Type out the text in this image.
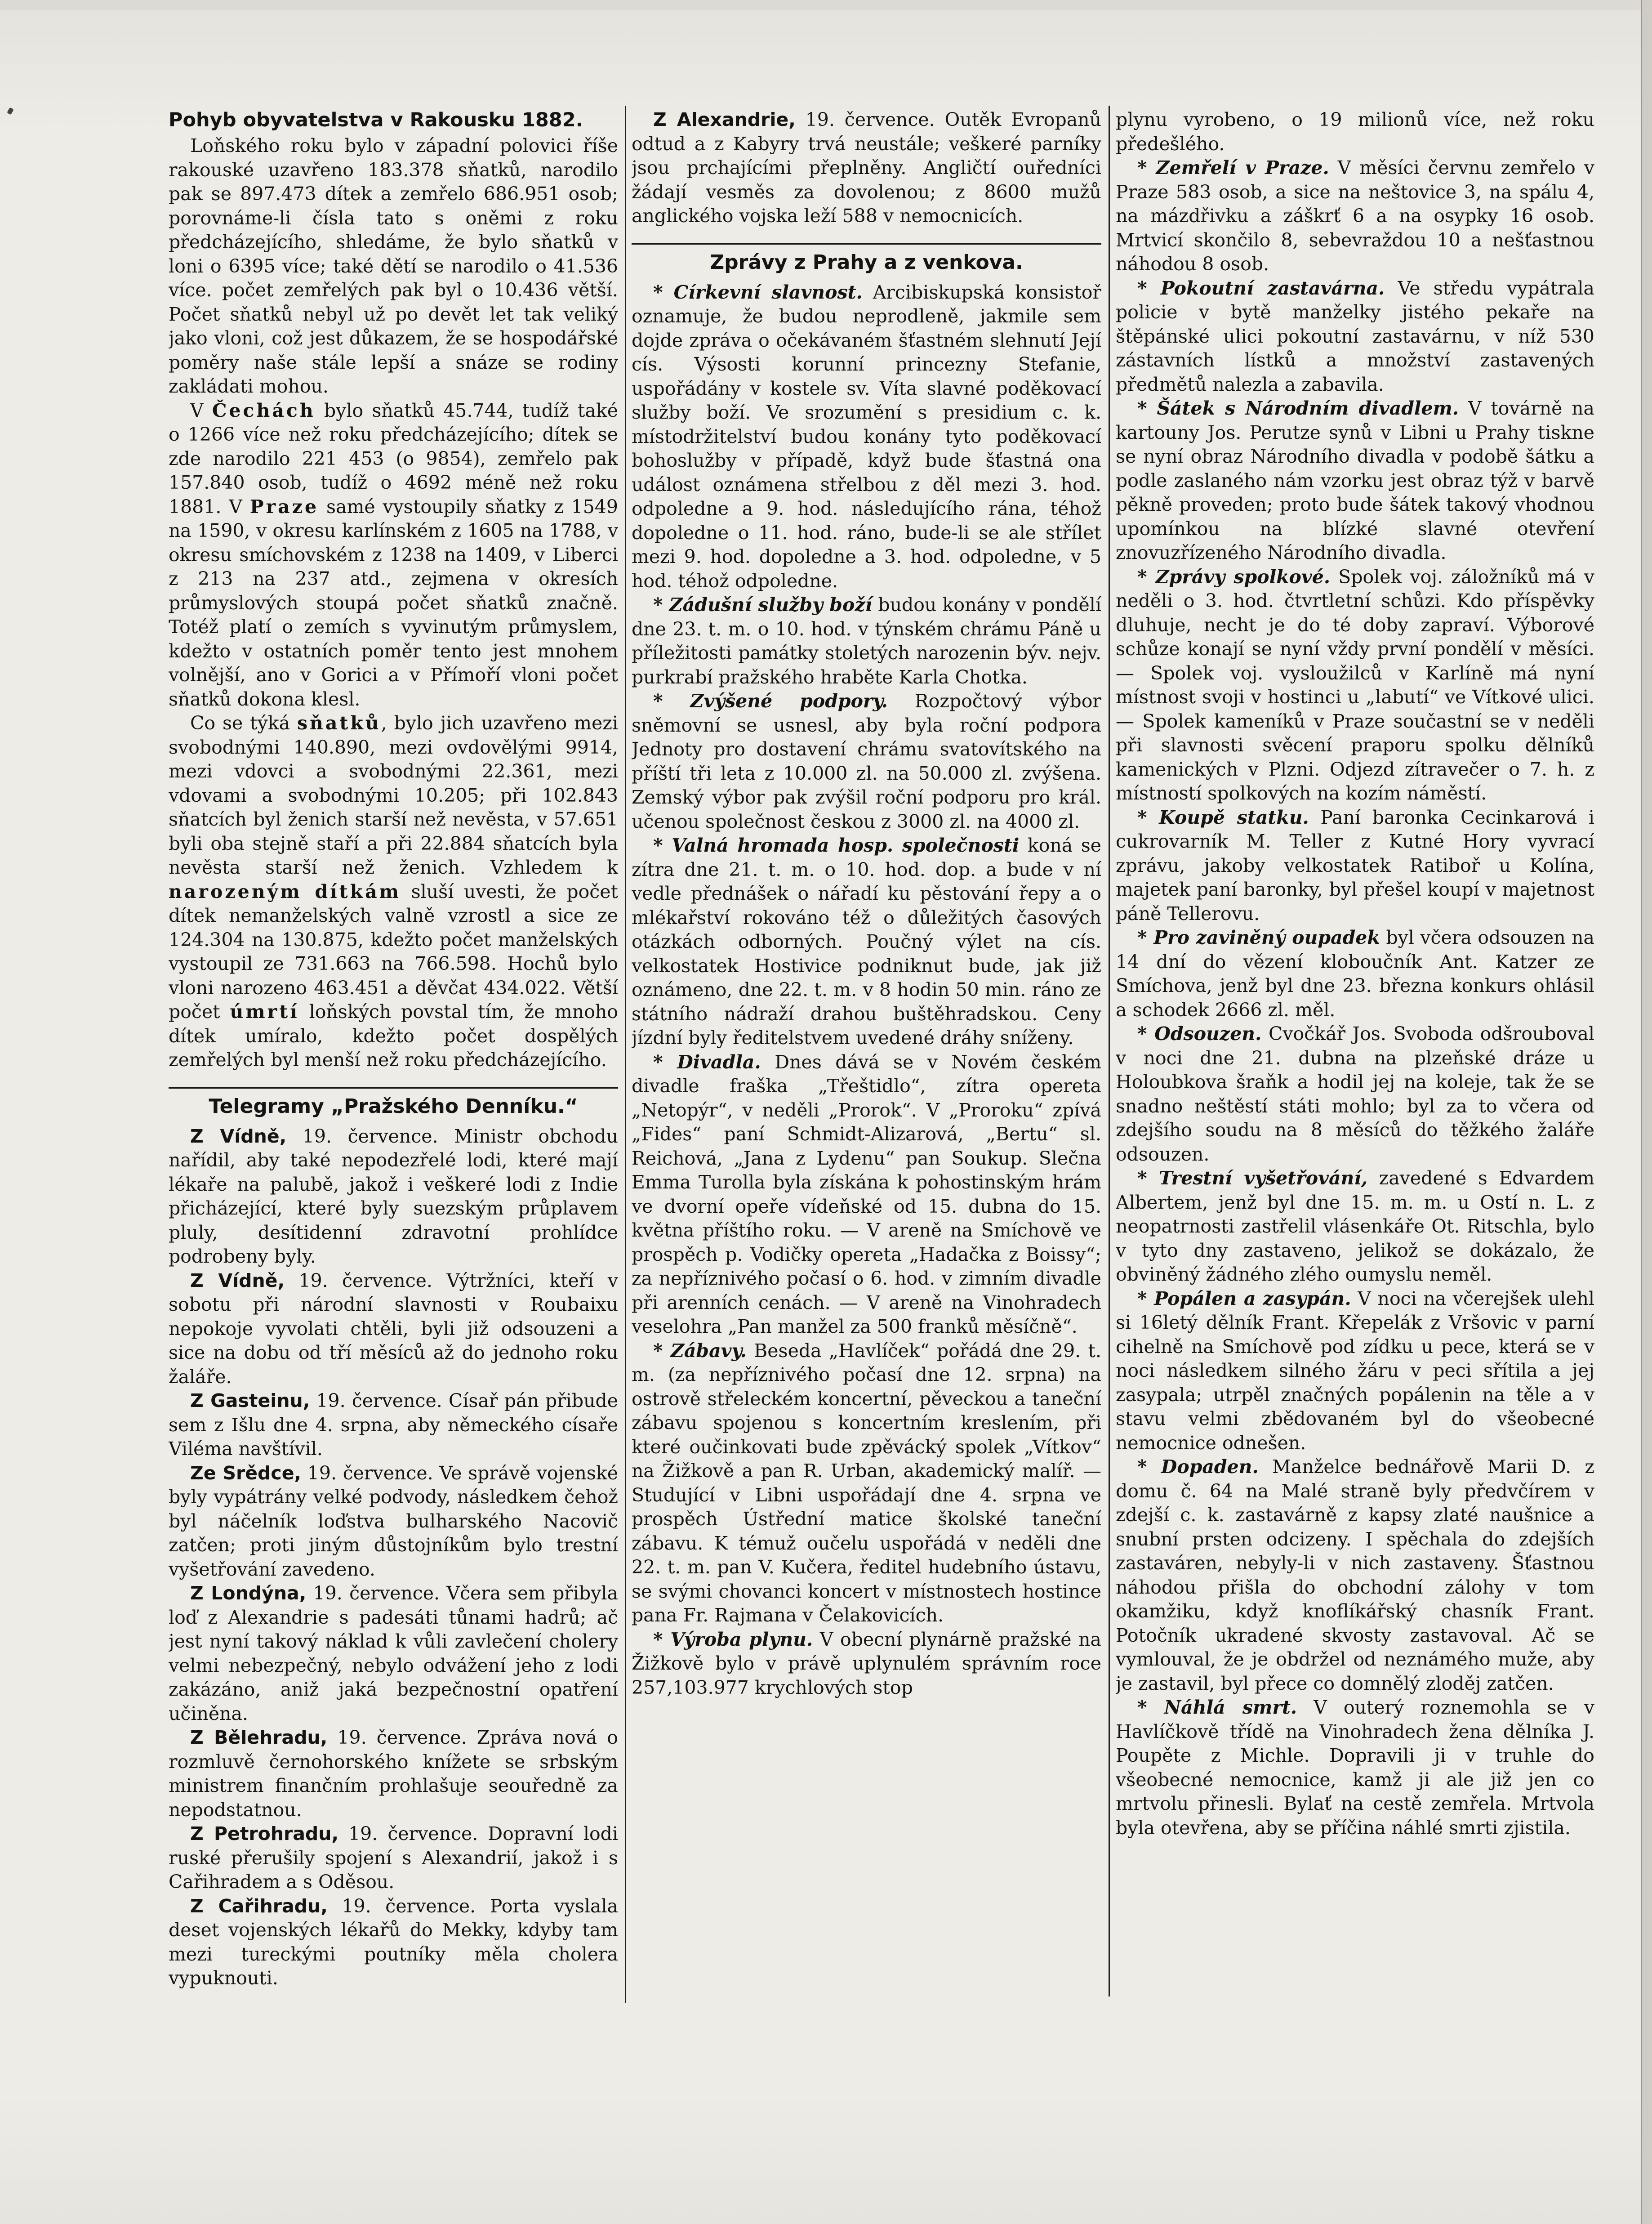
Pohyb obyvatelstva v Rakousku 1882.

Loňského roku bylo v západní polovici říše rakouské uzavřeno 183.378 sňatků, narodilo pak se 897.473 dítek a zemřelo 686.951 osob; porovnáme-li čísla tato s oněmi z roku předcházejícího, shledáme, že bylo sňatků v loni o 6395 více; také dětí se narodilo o 41.536 více. počet zemřelých pak byl o 10.436 větší. Počet sňatků nebyl už po devět let tak veliký jako vloni, což jest důkazem, že se hospodářské poměry naše stále lepší a snáze se rodiny zakládati mohou.

V Čechách bylo sňatků 45.744, tudíž také o 1266 více než roku předcházejícího; dítek se zde narodilo 221 453 (o 9854), zemřelo pak 157.840 osob, tudíž o 4692 méně než roku 1881. V Praze samé vystoupily sňatky z 1549 na 1590, v okresu karlínském z 1605 na 1788, v okresu smíchovském z 1238 na 1409, v Liberci z 213 na 237 atd., zejmena v okresích průmyslových stoupá počet sňatků značně. Totéž platí o zemích s vyvinutým průmyslem, kdežto v ostatních poměr tento jest mnohem volnější, ano v Gorici a v Přímoří vloni počet sňatků dokona klesl.

Co se týká sňatků, bylo jich uzavřeno mezi svobodnými 140.890, mezi ovdovělými 9914, mezi vdovci a svobodnými 22.361, mezi vdovami a svobodnými 10.205; při 102.843 sňatcích byl ženich starší než nevěsta, v 57.651 byli oba stejně staří a při 22.884 sňatcích byla nevěsta starší než ženich. Vzhledem k narozeným dítkám sluší uvesti, že počet dítek nemanželských valně vzrostl a sice ze 124.304 na 130.875, kdežto počet manželských vystoupil ze 731.663 na 766.598. Hochů bylo vloni narozeno 463.451 a děvčat 434.022. Větší počet úmrtí loňských povstal tím, že mnoho dítek umíralo, kdežto počet dospělých zemřelých byl menší než roku předcházejícího.

Telegramy „Pražského Denníku.“

Z Vídně, 19. července. Ministr obchodu nařídil, aby také nepodezřelé lodi, které mají lékaře na palubě, jakož i veškeré lodi z Indie přicházející, které byly suezským průplavem pluly, desítidenní zdravotní prohlídce podrobeny byly.

Z Vídně, 19. července. Výtržníci, kteří v sobotu při národní slavnosti v Roubaixu nepokoje vyvolati chtěli, byli již odsouzeni a sice na dobu od tří měsíců až do jednoho roku žaláře.

Z Gasteinu, 19. července. Císař pán přibude sem z Išlu dne 4. srpna, aby německého císaře Viléma navštívil.

Ze Srědce, 19. července. Ve správě vojenské byly vypátrány velké podvody, následkem čehož byl náčelník loďstva bulharského Nacovič zatčen; proti jiným důstojníkům bylo trestní vyšetřování zavedeno.

Z Londýna, 19. července. Včera sem přibyla loď z Alexandrie s padesáti tůnami hadrů; ač jest nyní takový náklad k vůli zavlečení cholery velmi nebezpečný, nebylo odvážení jeho z lodi zakázáno, aniž jaká bezpečnostní opatření učiněna.

Z Bělehradu, 19. července. Zpráva nová o rozmluvě černohorského knížete se srbským ministrem finančním prohlašuje seouředně za nepodstatnou.

Z Petrohradu, 19. července. Dopravní lodi ruské přerušily spojení s Alexandrií, jakož i s Cařihradem a s Oděsou.

Z Cařihradu, 19. července. Porta vyslala deset vojenských lékařů do Mekky, kdyby tam mezi tureckými poutníky měla cholera vypuknouti.

Z Alexandrie, 19. července. Outěk Evropanů odtud a z Kabyry trvá neustále; veškeré parníky jsou prchajícími přeplněny. Angličtí ouředníci žádají vesměs za dovolenou; z 8600 mužů anglického vojska leží 588 v nemocnicích.

Zprávy z Prahy a z venkova.

* Církevní slavnost. Arcibiskupská konsistoř oznamuje, že budou neprodleně, jakmile sem dojde zpráva o očekávaném šťastném slehnutí Její cís. Výsosti korunní princezny Stefanie, uspořádány v kostele sv. Víta slavné poděkovací služby boží. Ve srozumění s presidium c. k. místodržitelství budou konány tyto poděkovací bohoslužby v případě, když bude šťastná ona událost oznámena střelbou z děl mezi 3. hod. odpoledne a 9. hod. následujícího rána, téhož dopoledne o 11. hod. ráno, bude-li se ale střílet mezi 9. hod. dopoledne a 3. hod. odpoledne, v 5 hod. téhož odpoledne.

* Zádušní služby boží budou konány v pondělí dne 23. t. m. o 10. hod. v týnském chrámu Páně u příležitosti památky stoletých narozenin býv. nejv. purkrabí pražského hraběte Karla Chotka.

* Zvýšené podpory. Rozpočtový výbor sněmovní se usnesl, aby byla roční podpora Jednoty pro dostavení chrámu svatovítského na příští tři leta z 10.000 zl. na 50.000 zl. zvýšena. Zemský výbor pak zvýšil roční podporu pro král. učenou společnost českou z 3000 zl. na 4000 zl.

* Valná hromada hosp. společnosti koná se zítra dne 21. t. m. o 10. hod. dop. a bude v ní vedle přednášek o nářadí ku pěstování řepy a o mlékařství rokováno též o důležitých časových otázkách odborných. Poučný výlet na cís. velkostatek Hostivice podniknut bude, jak již oznámeno, dne 22. t. m. v 8 hodin 50 min. ráno ze státního nádraží drahou buštěhradskou. Ceny jízdní byly ředitelstvem uvedené dráhy sníženy.

* Divadla. Dnes dává se v Novém českém divadle fraška „Třeštidlo“, zítra opereta „Netopýr“, v neděli „Prorok“. V „Proroku“ zpívá „Fides“ paní Schmidt-Alizarová, „Bertu“ sl. Reichová, „Jana z Lydenu“ pan Soukup. Slečna Emma Turolla byla získána k pohostinským hrám ve dvorní opeře vídeňské od 15. dubna do 15. května příštího roku. — V areně na Smíchově ve prospěch p. Vodičky opereta „Hadačka z Boissy“; za nepříznivého počasí o 6. hod. v zimním divadle při arenních cenách. — V areně na Vinohradech veselohra „Pan manžel za 500 franků měsíčně“.

* Zábavy. Beseda „Havlíček“ pořádá dne 29. t. m. (za nepříznivého počasí dne 12. srpna) na ostrově střeleckém koncertní, pěveckou a taneční zábavu spojenou s koncertním kreslením, při které oučinkovati bude zpěvácký spolek „Vítkov“ na Žižkově a pan R. Urban, akademický malíř. — Studující v Libni uspořádají dne 4. srpna ve prospěch Ústřední matice školské taneční zábavu. K témuž oučelu uspořádá v neděli dne 22. t. m. pan V. Kučera, ředitel hudebního ústavu, se svými chovanci koncert v místnostech hostince pana Fr. Rajmana v Čelakovicích.

* Výroba plynu. V obecní plynárně pražské na Žižkově bylo v právě uplynulém správním roce 257,103.977 krychlových stop

plynu vyrobeno, o 19 milionů více, než roku předešlého.

* Zemřelí v Praze. V měsíci červnu zemřelo v Praze 583 osob, a sice na neštovice 3, na spálu 4, na mázdřivku a záškrť 6 a na osypky 16 osob. Mrtvicí skončilo 8, sebevraždou 10 a nešťastnou náhodou 8 osob.

* Pokoutní zastavárna. Ve středu vypátrala policie v bytě manželky jistého pekaře na štěpánské ulici pokoutní zastavárnu, v níž 530 zástavních lístků a množství zastavených předmětů nalezla a zabavila.

* Šátek s Národním divadlem. V továrně na kartouny Jos. Perutze synů v Libni u Prahy tiskne se nyní obraz Národního divadla v podobě šátku a podle zaslaného nám vzorku jest obraz týž v barvě pěkně proveden; proto bude šátek takový vhodnou upomínkou na blízké slavné otevření znovuzřízeného Národního divadla.

* Zprávy spolkové. Spolek voj. záložníků má v neděli o 3. hod. čtvrtletní schůzi. Kdo příspěvky dluhuje, necht je do té doby zapraví. Výborové schůze konají se nyní vždy první pondělí v měsíci. — Spolek voj. vysloužilců v Karlíně má nyní místnost svoji v hostinci u „labutí“ ve Vítkové ulici. — Spolek kameníků v Praze součastní se v neděli při slavnosti svěcení praporu spolku dělníků kamenických v Plzni. Odjezd zítravečer o 7. h. z místností spolkových na kozím náměstí.

* Koupě statku. Paní baronka Cecinkarová i cukrovarník M. Teller z Kutné Hory vyvrací zprávu, jakoby velkostatek Ratiboř u Kolína, majetek paní baronky, byl přešel koupí v majetnost páně Tellerovu.

* Pro zaviněný oupadek byl včera odsouzen na 14 dní do vězení kloboučník Ant. Katzer ze Smíchova, jenž byl dne 23. března konkurs ohlásil a schodek 2666 zl. měl.

* Odsouzen. Cvočkář Jos. Svoboda odšrouboval v noci dne 21. dubna na plzeňské dráze u Holoubkova šraňk a hodil jej na koleje, tak že se snadno neštěstí státi mohlo; byl za to včera od zdejšího soudu na 8 měsíců do těžkého žaláře odsouzen.

* Trestní vyšetřování, zavedené s Edvardem Albertem, jenž byl dne 15. m. m. u Ostí n. L. z neopatrnosti zastřelil vlásenkáře Ot. Ritschla, bylo v tyto dny zastaveno, jelikož se dokázalo, že obviněný žádného zlého oumyslu neměl.

* Popálen a zasypán. V noci na včerejšek ulehl si 16letý dělník Frant. Křepelák z Vršovic v parní cihelně na Smíchově pod zídku u pece, která se v noci následkem silného žáru v peci sřítila a jej zasypala; utrpěl značných popálenin na těle a v stavu velmi zbědovaném byl do všeobecné nemocnice odnešen.

* Dopaden. Manželce bednářově Marii D. z domu č. 64 na Malé straně byly předvčírem v zdejší c. k. zastavárně z kapsy zlaté naušnice a snubní prsten odcizeny. I spěchala do zdejších zastaváren, nebyly-li v nich zastaveny. Šťastnou náhodou přišla do obchodní zálohy v tom okamžiku, když knoflíkářský chasník Frant. Potočník ukradené skvosty zastavoval. Ač se vymlouval, že je obdržel od neznámého muže, aby je zastavil, byl přece co domnělý zloděj zatčen.

* Náhlá smrt. V outerý roznemohla se v Havlíčkově třídě na Vinohradech žena dělníka J. Poupěte z Michle. Dopravili ji v truhle do všeobecné nemocnice, kamž ji ale již jen co mrtvolu přinesli. Bylať na cestě zemřela. Mrtvola byla otevřena, aby se příčina náhlé smrti zjistila.
